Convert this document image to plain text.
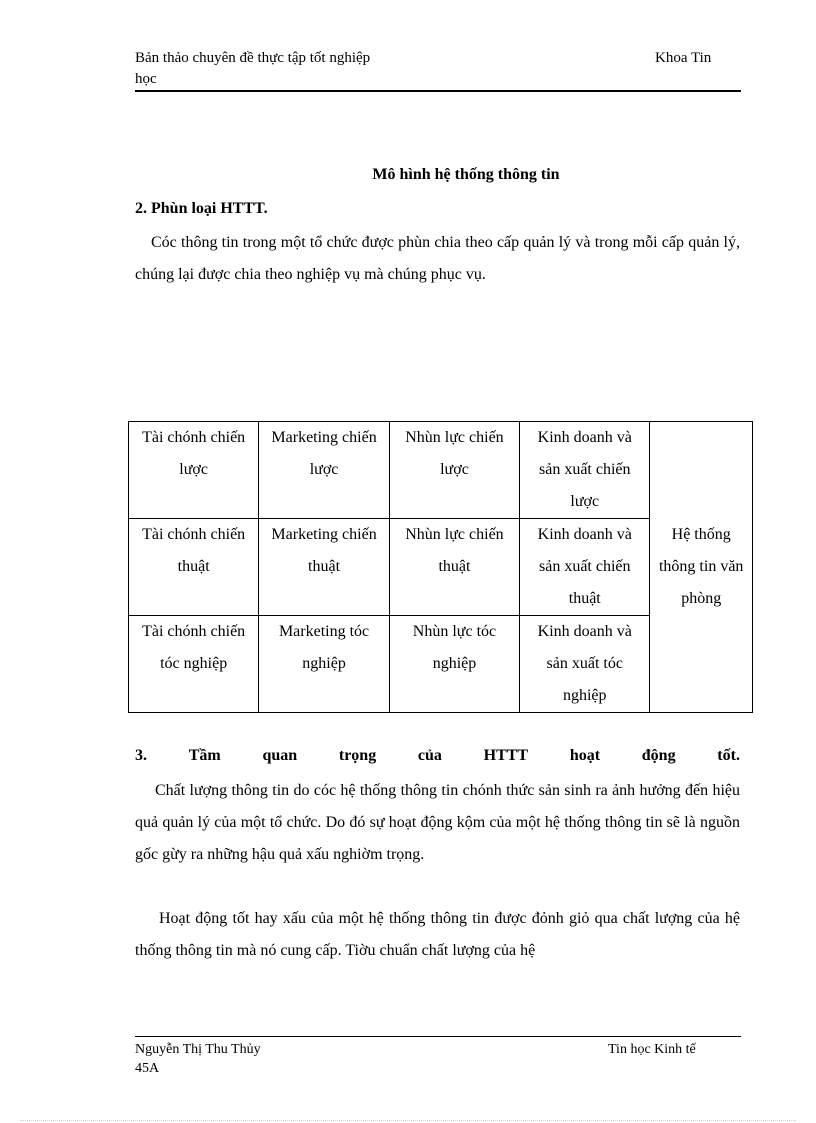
Bản thảo chuyên đề thực tập tốt nghiệp
học
Khoa Tin
Mô hình hệ thống thông tin
2. Phùn loại HTTT.
Cóc thông tin trong một tổ chức được phùn chia theo cấp quản lý và trong mỗi cấp quản lý, chúng lại được chia theo nghiệp vụ mà chúng phục vụ.
Tài chónh chiến lược	Marketing chiến lược	Nhùn lực chiến lược	Kinh doanh và sản xuất chiến lược	Hệ thống thông tin văn phòng
Tài chónh chiến thuật	Marketing chiến thuật	Nhùn lực chiến thuật	Kinh doanh và sản xuất chiến thuật	
Tài chónh chiến tóc nghiệp	Marketing tóc nghiệp	Nhùn lực tóc nghiệp	Kinh doanh và sản xuất tóc nghiệp	
3.	Tầm	quan	trọng	của	HTTT	hoạt	động	tốt.
Chất lượng thông tin do cóc hệ thống thông tin chónh thức sản sinh ra ảnh hưởng đến hiệu quả quản lý của một tổ chức. Do đó sự hoạt động kộm của một hệ thống thông tin sẽ là nguồn gốc gừy ra những hậu quả xấu nghiờm trọng.
Hoạt động tốt hay xấu của một hệ thống thông tin được đỏnh giỏ qua chất lượng của hệ thống thông tin mà nó cung cấp. Tiờu chuẩn chất lượng của hệ
Nguyễn Thị Thu Thủy
45A
Tin học Kinh tế
